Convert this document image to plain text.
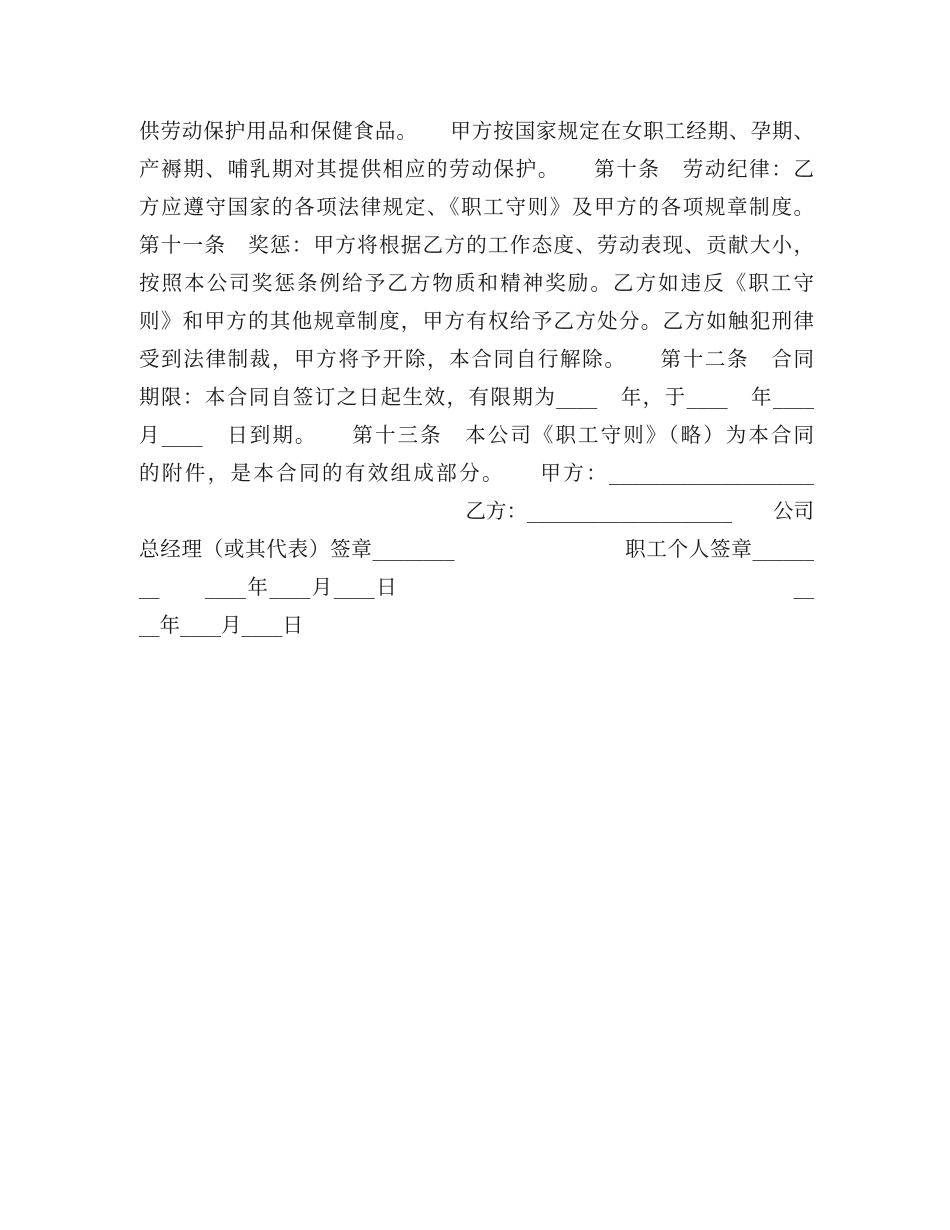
供劳动保护用品和保健食品。　　甲方按国家规定在女职工经期、孕期、
产褥期、哺乳期对其提供相应的劳动保护。　　第十条　劳动纪律：乙
方应遵守国家的各项法律规定、《职工守则》及甲方的各项规章制度。
第十一条　奖惩：甲方将根据乙方的工作态度、劳动表现、贡献大小，
按照本公司奖惩条例给予乙方物质和精神奖励。乙方如违反《职工守
则》和甲方的其他规章制度，甲方有权给予乙方处分。乙方如触犯刑律
受到法律制裁，甲方将予开除，本合同自行解除。　　第十二条　合同
期限：本合同自签订之日起生效，有限期为____　年，于____　年____
月____　日到期。　　第十三条　本公司《职工守则》（略）为本合同
的附件，是本合同的有效组成部分。　　甲方：____________________
乙方：____________________　　公司
总经理（或其代表）签章________　　　　　　　　职工个人签章______
__　　____年____月____日　　　　　　　　　　　　　　　　　　__
__年____月____日
